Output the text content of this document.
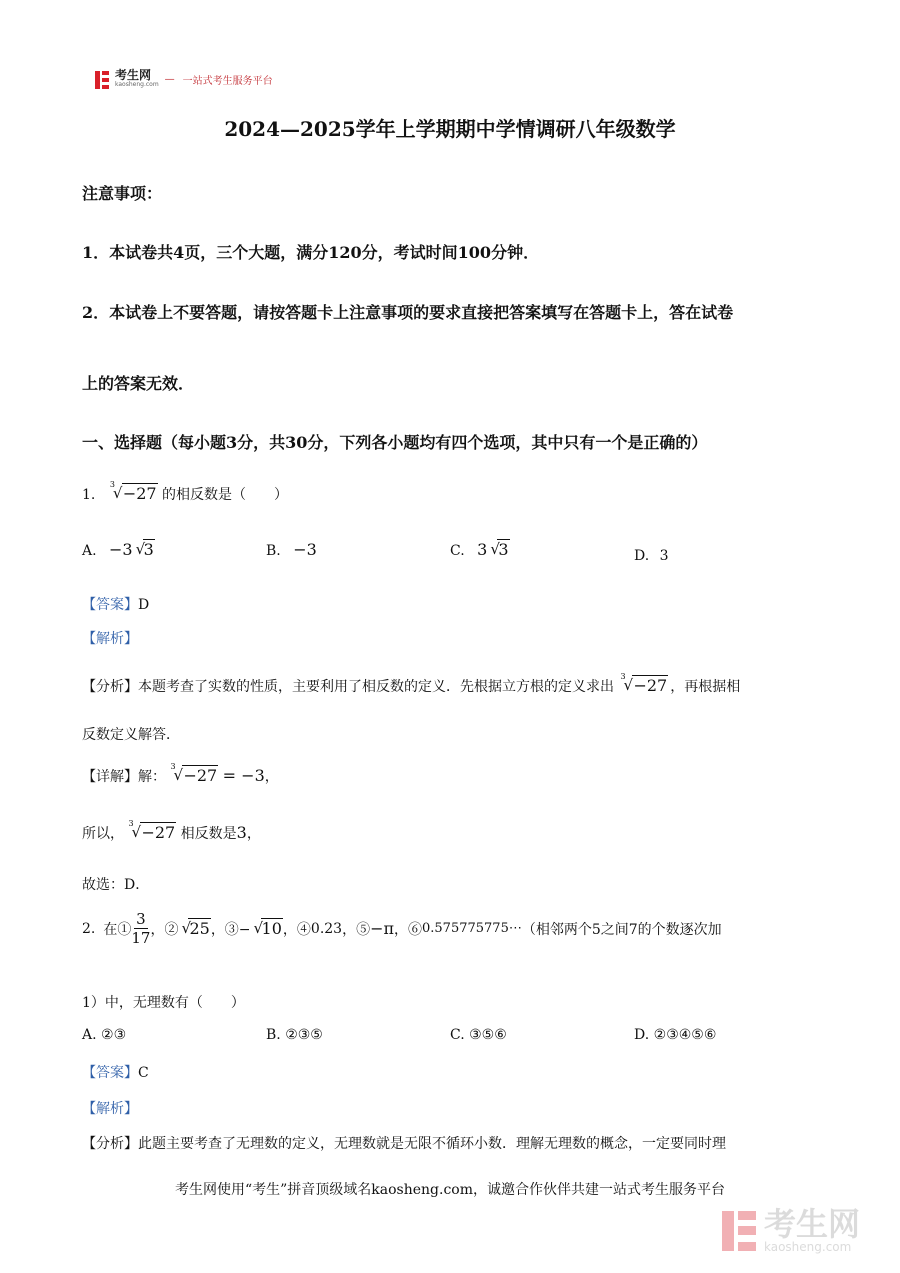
考生网
kaosheng.com — 一站式考生服务平台
2024—2025学年上学期期中学情调研八年级数学
注意事项：
1．本试卷共4页，三个大题，满分120分，考试时间100分钟．
2．本试卷上不要答题，请按答题卡上注意事项的要求直接把答案填写在答题卡上，答在试卷
上的答案无效．
一、选择题（每小题3分，共30分，下列各小题均有四个选项，其中只有一个是正确的）
1.
3
√ −27 的相反数是（　　）
A. −3 √
3	B. −3	C. 3 √
3	D. 3
【答案】D
【解析】
【分析】本题考查了实数的性质，主要利用了相反数的定义．先根据立方根的定义求出
3
√ −27 ，再根据相
反数定义解答．
【详解】解：
3
√ −27 = −3，
所以，
3
√ −27 相反数是3，
故选：D．
2. 在① $\frac{3}{17}$ ，② √
25 ，③− √
10 ，④ 0.23 ，⑤ −π ，⑥ 0.575775775⋯ （相邻两个5之间7的个数逐次加
1）中，无理数有（　　）
A. ②③	B. ②③⑤	C. ③⑤⑥	D. ②③④⑤⑥
【答案】C
【解析】
【分析】此题主要考查了无理数的定义，无理数就是无限不循环小数．理解无理数的概念，一定要同时理
考生网使用“考生”拼音顶级域名kaosheng.com，诚邀合作伙伴共建一站式考生服务平台
考生网
kaosheng.com
